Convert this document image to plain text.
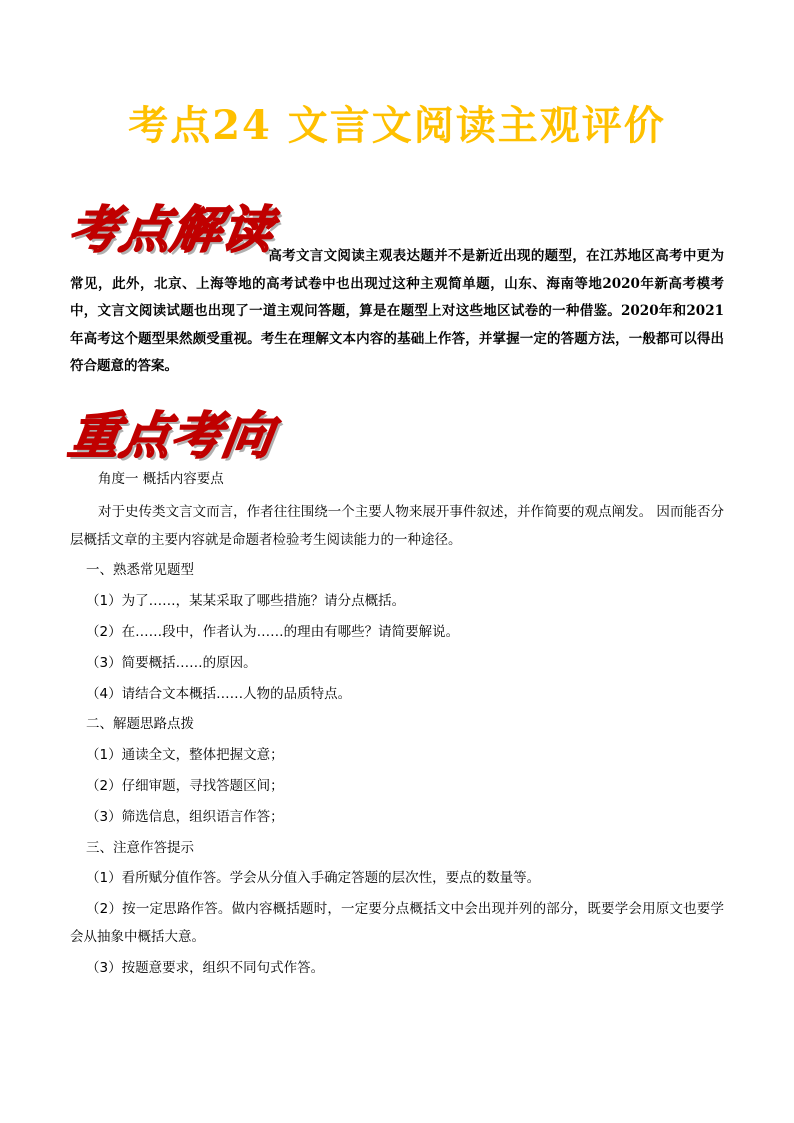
考点24 文言文阅读主观评价
考点解读
高考文言文阅读主观表达题并不是新近出现的题型，在江苏地区高考中更为常见，此外，北京、上海等地的高考试卷中也出现过这种主观简单题，山东、海南等地2020年新高考模考中，文言文阅读试题也出现了一道主观问答题，算是在题型上对这些地区试卷的一种借鉴。2020年和2021年高考这个题型果然颇受重视。考生在理解文本内容的基础上作答，并掌握一定的答题方法，一般都可以得出符合题意的答案。
重点考向

角度一 概括内容要点

对于史传类文言文而言，作者往往围绕一个主要人物来展开事件叙述，并作简要的观点阐发。 因而能否分层概括文章的主要内容就是命题者检验考生阅读能力的一种途径。

一、熟悉常见题型

（1）为了……，某某采取了哪些措施？请分点概括。

（2）在……段中，作者认为……的理由有哪些？请简要解说。

（3）简要概括……的原因。

（4）请结合文本概括……人物的品质特点。

二、解题思路点拨

（1）通读全文，整体把握文意；

（2）仔细审题，寻找答题区间；

（3）筛选信息，组织语言作答；

三、注意作答提示

（1）看所赋分值作答。学会从分值入手确定答题的层次性，要点的数量等。

（2）按一定思路作答。做内容概括题时，一定要分点概括文中会出现并列的部分，既要学会用原文也要学会从抽象中概括大意。

（3）按题意要求，组织不同句式作答。
